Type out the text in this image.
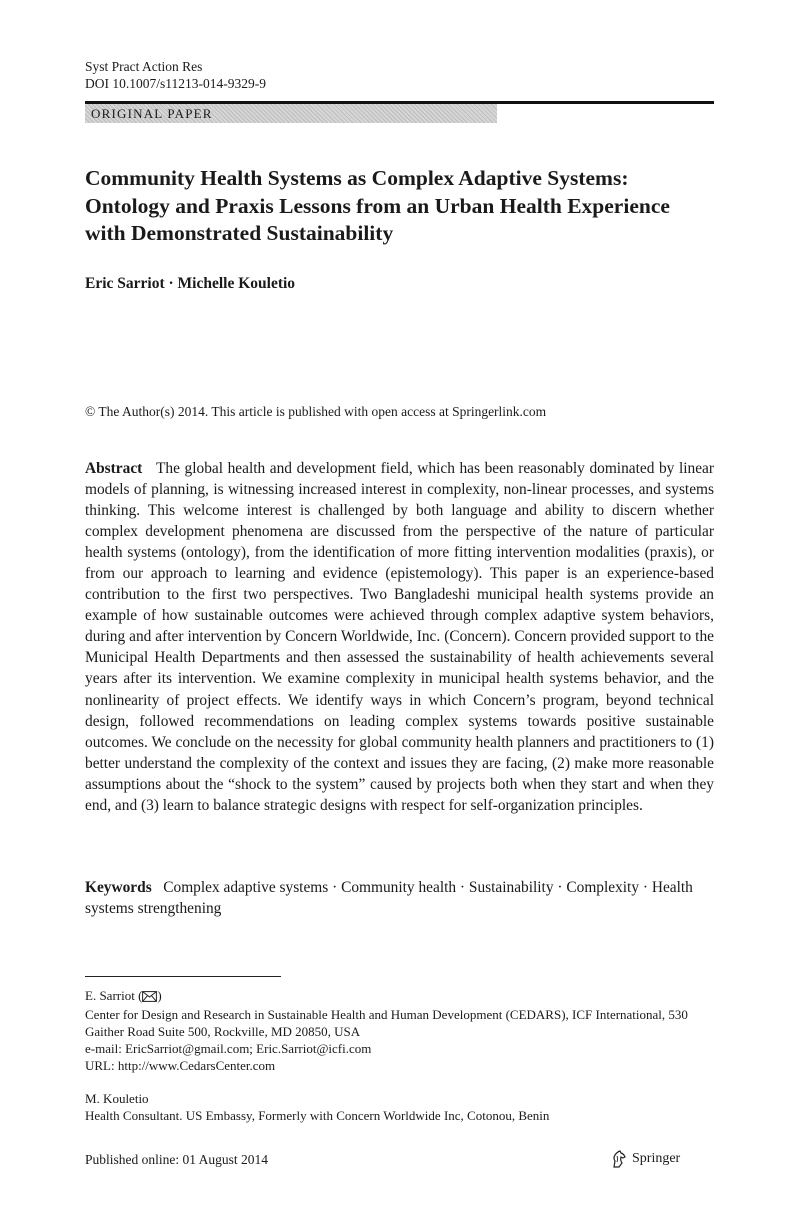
Syst Pract Action Res
DOI 10.1007/s11213-014-9329-9
ORIGINAL PAPER
Community Health Systems as Complex Adaptive Systems: Ontology and Praxis Lessons from an Urban Health Experience with Demonstrated Sustainability
Eric Sarriot · Michelle Kouletio
© The Author(s) 2014. This article is published with open access at Springerlink.com

Abstract The global health and development field, which has been reasonably dominated by linear models of planning, is witnessing increased interest in complexity, non-linear processes, and systems thinking. This welcome interest is challenged by both language and ability to discern whether complex development phenomena are discussed from the perspective of the nature of particular health systems (ontology), from the identification of more fitting intervention modalities (praxis), or from our approach to learning and evidence (epistemology). This paper is an experience-based contribution to the first two perspectives. Two Bangladeshi municipal health systems provide an example of how sustainable outcomes were achieved through complex adaptive system behaviors, during and after intervention by Concern Worldwide, Inc. (Concern). Concern provided support to the Municipal Health Departments and then assessed the sustainability of health achievements several years after its intervention. We examine complexity in municipal health systems behavior, and the nonlinearity of project effects. We identify ways in which Concern’s program, beyond technical design, followed recommendations on leading complex systems towards positive sustainable outcomes. We conclude on the necessity for global community health planners and practitioners to (1) better understand the complexity of the context and issues they are facing, (2) make more reasonable assumptions about the “shock to the system” caused by projects both when they start and when they end, and (3) learn to balance strategic designs with respect for self-organization principles.

Keywords Complex adaptive systems · Community health · Sustainability · Complexity · Health systems strengthening

E. Sarriot ( )
Center for Design and Research in Sustainable Health and Human Development (CEDARS), ICF International, 530 Gaither Road Suite 500, Rockville, MD 20850, USA
e-mail: EricSarriot@gmail.com; Eric.Sarriot@icfi.com
URL: http://www.CedarsCenter.com
M. Kouletio
Health Consultant. US Embassy, Formerly with Concern Worldwide Inc, Cotonou, Benin
Published online: 01 August 2014	Springer
